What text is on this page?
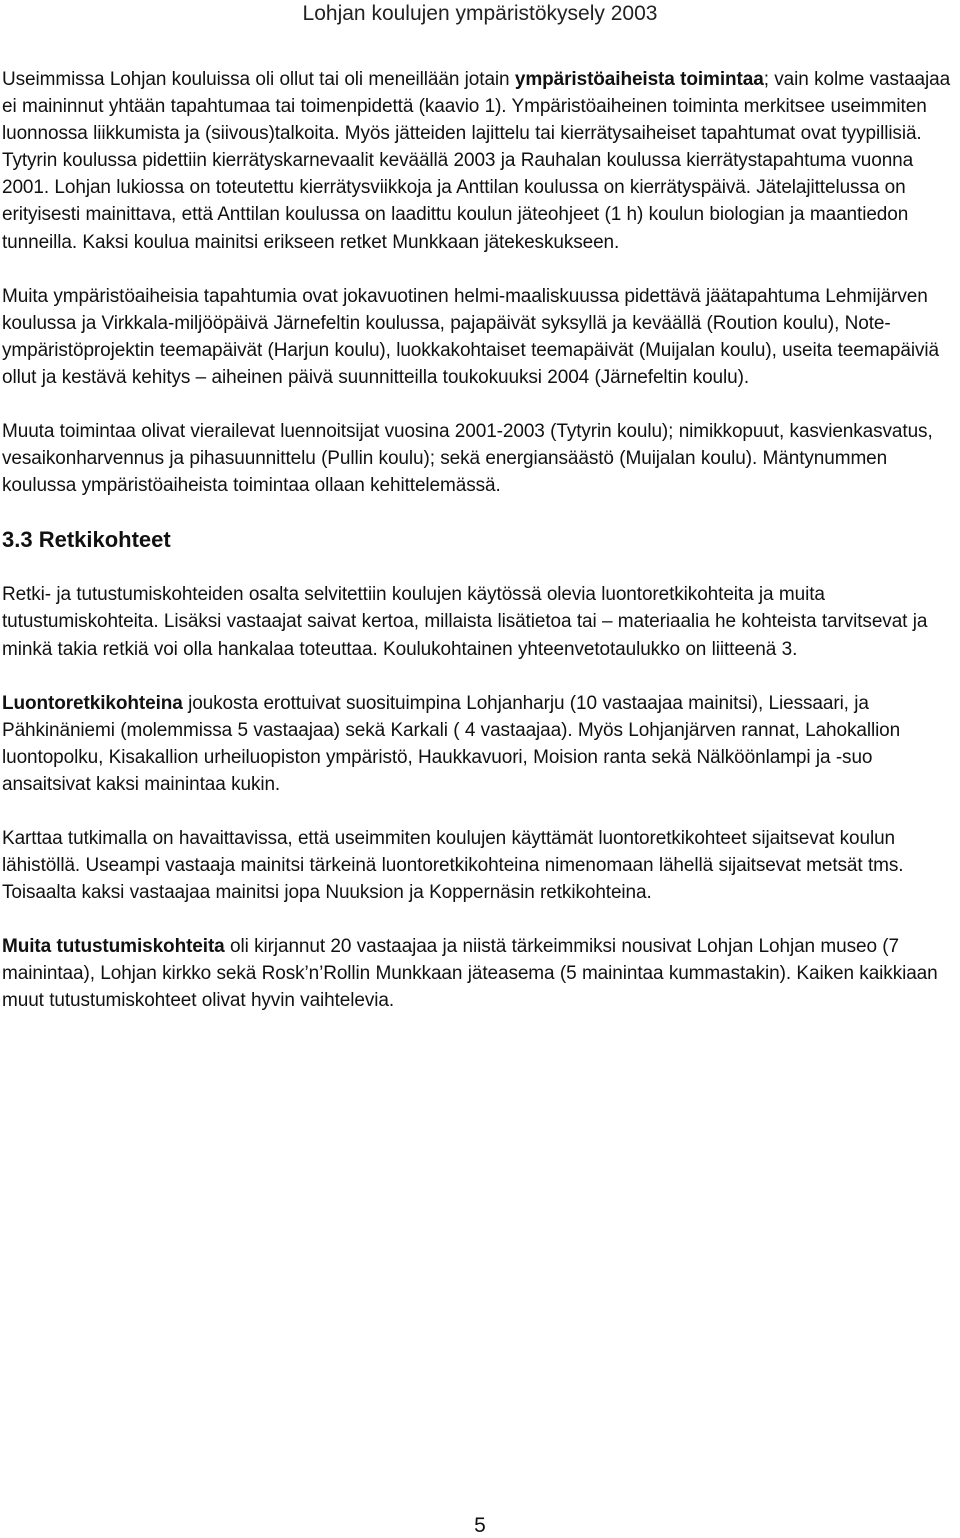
Lohjan koulujen ympäristökysely 2003

Useimmissa Lohjan kouluissa oli ollut tai oli meneillään jotain ympäristöaiheista toimintaa; vain kolme vastaajaa ei maininnut yhtään tapahtumaa tai toimenpidettä (kaavio 1). Ympäristöaiheinen toiminta merkitsee useimmiten luonnossa liikkumista ja (siivous)talkoita. Myös jätteiden lajittelu tai kierrätysaiheiset tapahtumat ovat tyypillisiä. Tytyrin koulussa pidettiin kierrätyskarnevaalit keväällä 2003 ja Rauhalan koulussa kierrätystapahtuma vuonna 2001. Lohjan lukiossa on toteutettu kierrätysviikkoja ja Anttilan koulussa on kierrätyspäivä. Jätelajittelussa on erityisesti mainittava, että Anttilan koulussa on laadittu koulun jäteohjeet (1 h) koulun biologian ja maantiedon tunneilla. Kaksi koulua mainitsi erikseen retket Munkkaan jätekeskukseen.

Muita ympäristöaiheisia tapahtumia ovat jokavuotinen helmi-maaliskuussa pidettävä jäätapahtuma Lehmijärven koulussa ja Virkkala-miljööpäivä Järnefeltin koulussa, pajapäivät syksyllä ja keväällä (Roution koulu), Note-ympäristöprojektin teemapäivät (Harjun koulu), luokkakohtaiset teemapäivät (Muijalan koulu), useita teemapäiviä ollut ja kestävä kehitys – aiheinen päivä suunnitteilla toukokuuksi 2004 (Järnefeltin koulu).

Muuta toimintaa olivat vierailevat luennoitsijat vuosina 2001-2003 (Tytyrin koulu); nimikkopuut, kasvienkasvatus, vesaikonharvennus ja pihasuunnittelu (Pullin koulu); sekä energiansäästö (Muijalan koulu). Mäntynummen koulussa ympäristöaiheista toimintaa ollaan kehittelemässä.

3.3 Retkikohteet

Retki- ja tutustumiskohteiden osalta selvitettiin koulujen käytössä olevia luontoretkikohteita ja muita tutustumiskohteita. Lisäksi vastaajat saivat kertoa, millaista lisätietoa tai – materiaalia he kohteista tarvitsevat ja minkä takia retkiä voi olla hankalaa toteuttaa. Koulukohtainen yhteenvetotaulukko on liitteenä 3.

Luontoretkikohteina joukosta erottuivat suosituimpina Lohjanharju (10 vastaajaa mainitsi), Liessaari, ja Pähkinäniemi (molemmissa 5 vastaajaa) sekä Karkali ( 4 vastaajaa). Myös Lohjanjärven rannat, Lahokallion luontopolku, Kisakallion urheiluopiston ympäristö, Haukkavuori, Moision ranta sekä Nälköönlampi ja -suo ansaitsivat kaksi mainintaa kukin.

Karttaa tutkimalla on havaittavissa, että useimmiten koulujen käyttämät luontoretkikohteet sijaitsevat koulun lähistöllä. Useampi vastaaja mainitsi tärkeinä luontoretkikohteina nimenomaan lähellä sijaitsevat metsät tms. Toisaalta kaksi vastaajaa mainitsi jopa Nuuksion ja Koppernäsin retkikohteina.

Muita tutustumiskohteita oli kirjannut 20 vastaajaa ja niistä tärkeimmiksi nousivat Lohjan Lohjan museo (7 mainintaa), Lohjan kirkko sekä Rosk’n’Rollin Munkkaan jäteasema (5 mainintaa kummastakin). Kaiken kaikkiaan muut tutustumiskohteet olivat hyvin vaihtelevia.

5
